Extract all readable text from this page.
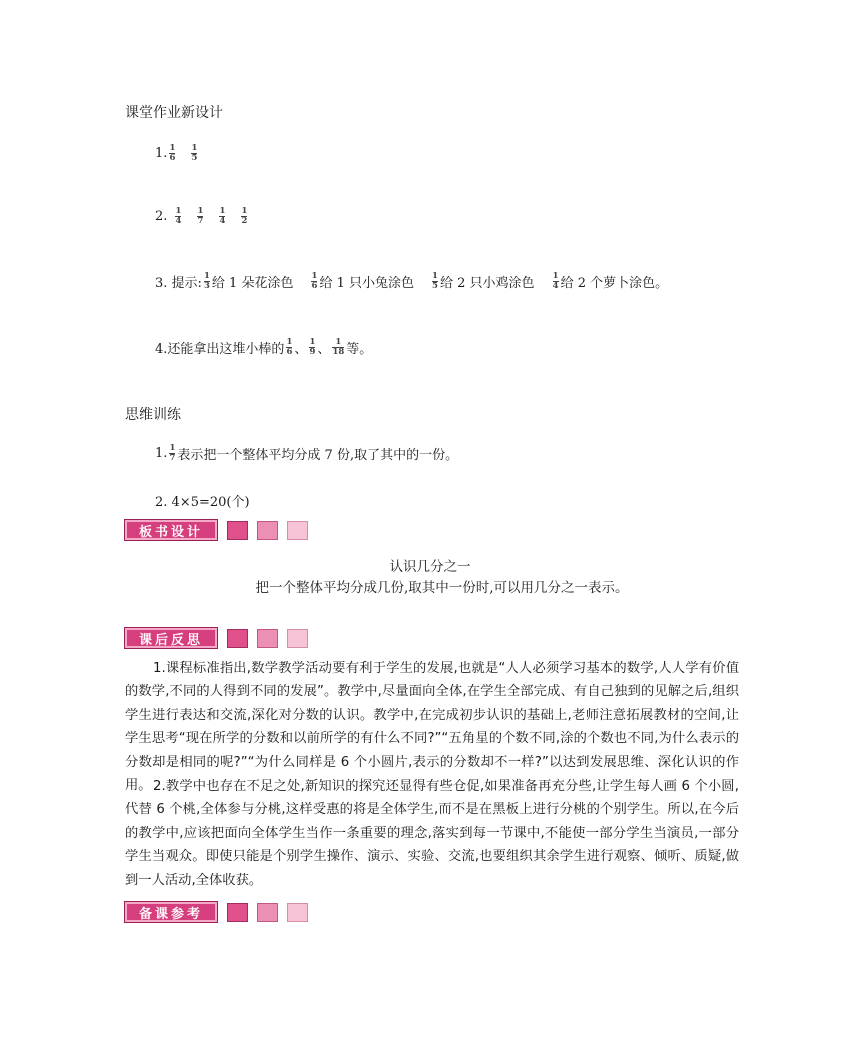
课堂作业新设计
1. $\frac{1}{6} \frac{1}{5}$
2. $\frac{1}{4} \frac{1}{7} \frac{1}{4} \frac{1}{2}$
3. 提示: $\frac{1}{3}$ 给 1 朵花涂色 $\frac{1}{6}$ 给 1 只小兔涂色 $\frac{1}{5}$ 给 2 只小鸡涂色 $\frac{1}{4}$ 给 2 个萝卜涂色。
4.还能拿出这堆小棒的 $\frac{1}{6}$ 、 $\frac{1}{9}$ 、 $\frac{1}{18}$ 等。
思维训练
1. $\frac{1}{7}$ 表示把一个整体平均分成 7 份,取了其中的一份。
2. 4×5=20(个)
板书设计
认识几分之一
把一个整体平均分成几份,取其中一份时,可以用几分之一表示。
课后反思
1.课程标准指出,数学教学活动要有利于学生的发展,也就是“人人必须学习基本的数学,人人学有价值的数学,不同的人得到不同的发展”。教学中,尽量面向全体,在学生全部完成、有自己独到的见解之后,组织学生进行表达和交流,深化对分数的认识。教学中,在完成初步认识的基础上,老师注意拓展教材的空间,让学生思考“现在所学的分数和以前所学的有什么不同?”“五角星的个数不同,涂的个数也不同,为什么表示的分数却是相同的呢?”“为什么同样是 6 个小圆片,表示的分数却不一样?”以达到发展思维、深化认识的作用。 2.教学中也存在不足之处,新知识的探究还显得有些仓促,如果准备再充分些,让学生每人画 6 个小圆,代替 6 个桃,全体参与分桃,这样受惠的将是全体学生,而不是在黑板上进行分桃的个别学生。所以,在今后的教学中,应该把面向全体学生当作一条重要的理念,落实到每一节课中,不能使一部分学生当演员,一部分学生当观众。即使只能是个别学生操作、演示、实验、交流,也要组织其余学生进行观察、倾听、质疑,做到一人活动,全体收获。
备课参考
